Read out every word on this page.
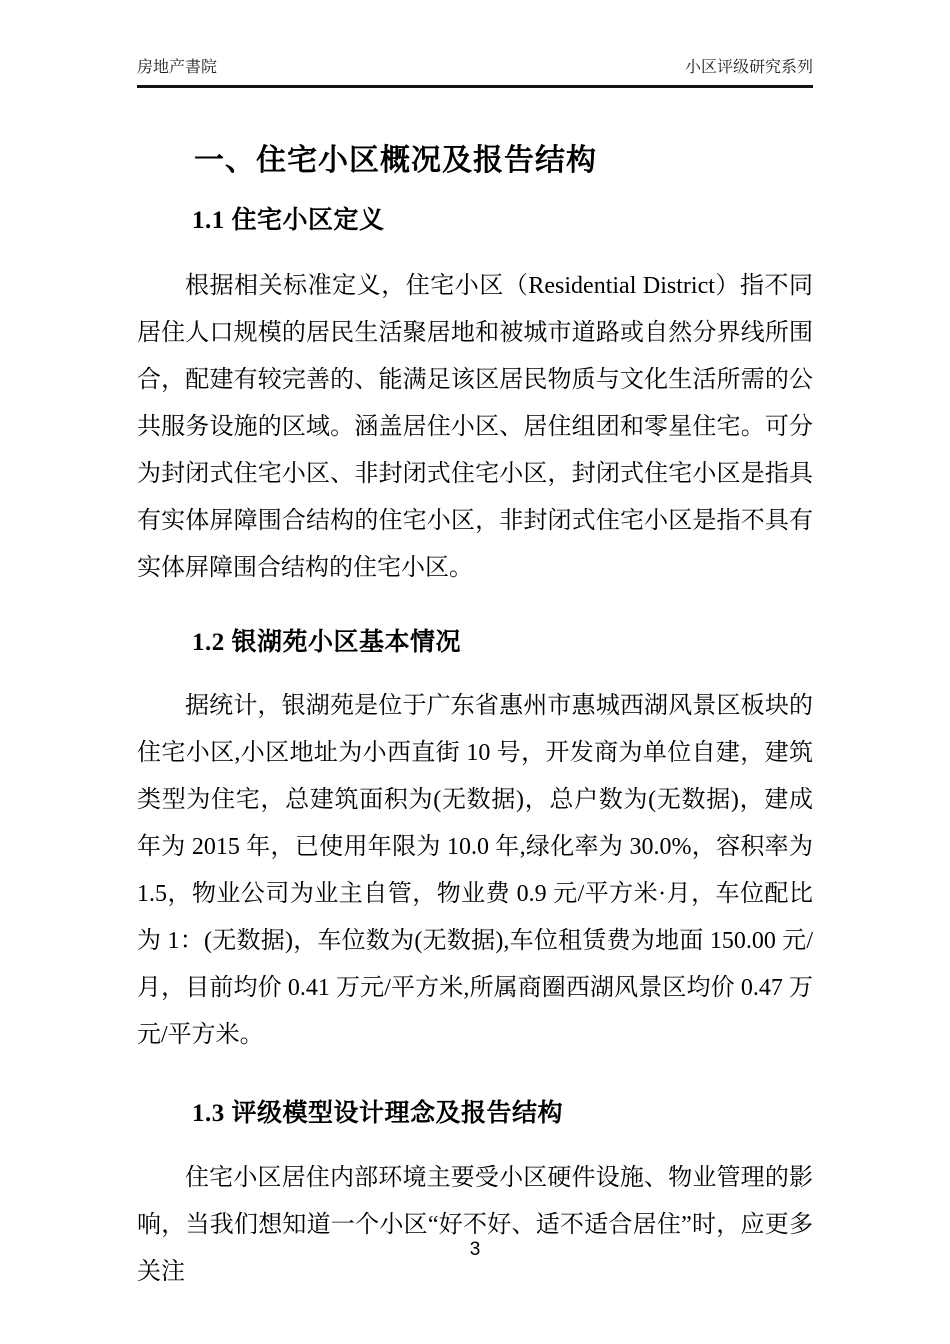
房地产書院	小区评级研究系列
一、住宅小区概况及报告结构
1.1 住宅小区定义

根据相关标准定义，住宅小区（Residential District）指不同居住人口规模的居民生活聚居地和被城市道路或自然分界线所围合，配建有较完善的、能满足该区居民物质与文化生活所需的公共服务设施的区域。涵盖居住小区、居住组团和零星住宅。可分为封闭式住宅小区、非封闭式住宅小区，封闭式住宅小区是指具有实体屏障围合结构的住宅小区，非封闭式住宅小区是指不具有实体屏障围合结构的住宅小区。

1.2 银湖苑小区基本情况

据统计，银湖苑是位于广东省惠州市惠城西湖风景区板块的住宅小区,小区地址为小西直街 10 号，开发商为单位自建，建筑类型为住宅，总建筑面积为(无数据)，总户数为(无数据)，建成年为 2015 年，已使用年限为 10.0 年,绿化率为 30.0%，容积率为 1.5，物业公司为业主自管，物业费 0.9 元/平方米·月，车位配比为 1：(无数据)，车位数为(无数据),车位租赁费为地面 150.00 元/月，目前均价 0.41 万元/平方米,所属商圈西湖风景区均价 0.47 万元/平方米。

1.3 评级模型设计理念及报告结构

住宅小区居住内部环境主要受小区硬件设施、物业管理的影响，当我们想知道一个小区“好不好、适不适合居住”时，应更多关注

3
